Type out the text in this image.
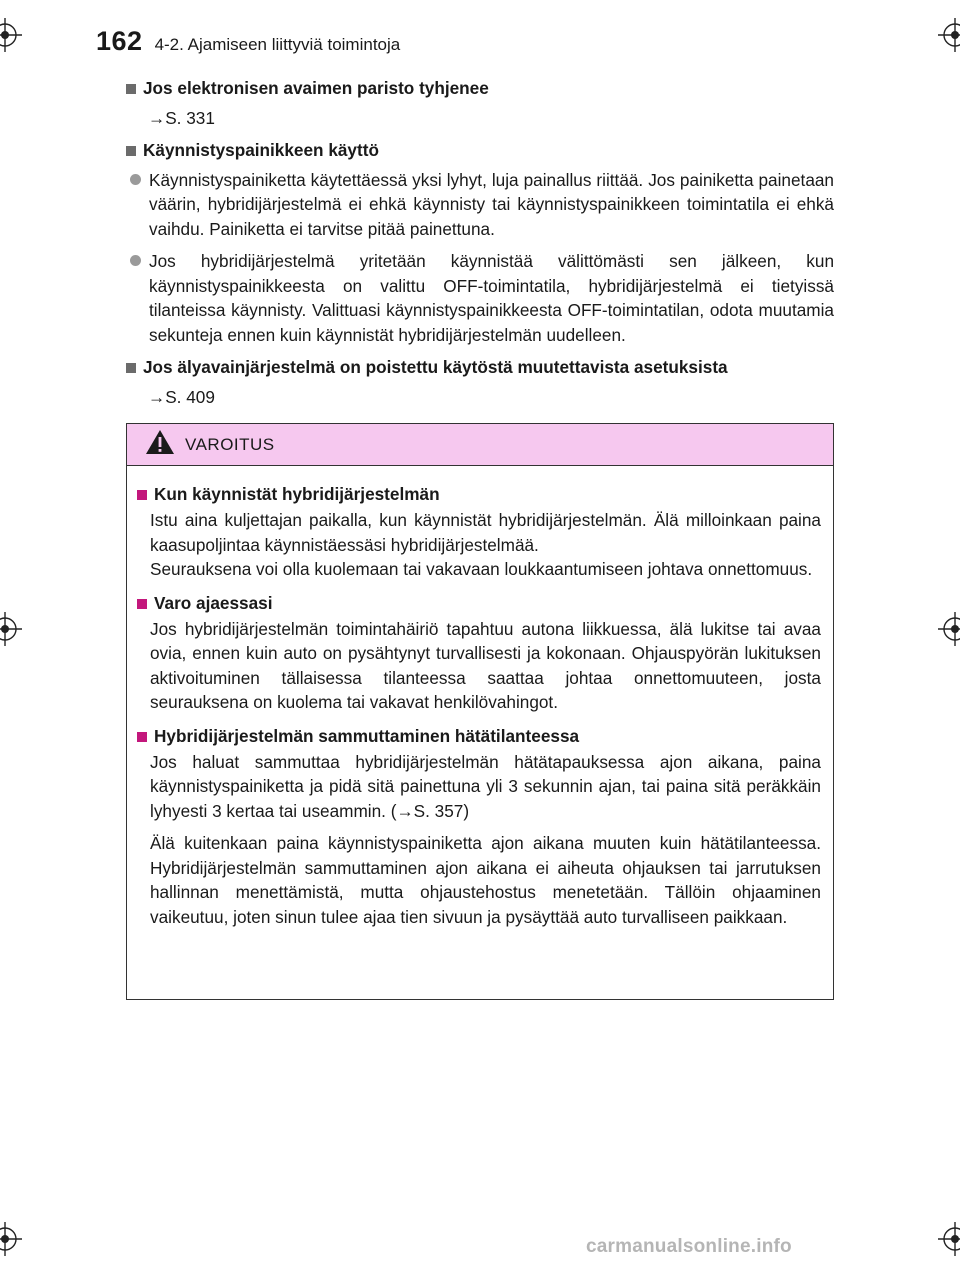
162 4-2. Ajamiseen liittyviä toimintoja
Jos elektronisen avaimen paristo tyhjenee
→S. 331
Käynnistyspainikkeen käyttö
Käynnistyspainiketta käytettäessä yksi lyhyt, luja painallus riittää. Jos painiketta painetaan väärin, hybridijärjestelmä ei ehkä käynnisty tai käynnistyspainikkeen toimintatila ei ehkä vaihdu. Painiketta ei tarvitse pitää painettuna.
Jos hybridijärjestelmä yritetään käynnistää välittömästi sen jälkeen, kun käynnistyspainikkeesta on valittu OFF-toimintatila, hybridijärjestelmä ei tietyissä tilanteissa käynnisty. Valittuasi käynnistyspainikkeesta OFF-toimintatilan, odota muutamia sekunteja ennen kuin käynnistät hybridijärjestelmän uudelleen.
Jos älyavainjärjestelmä on poistettu käytöstä muutettavista asetuksista
→S. 409
VAROITUS
Kun käynnistät hybridijärjestelmän
Istu aina kuljettajan paikalla, kun käynnistät hybridijärjestelmän. Älä milloinkaan paina kaasupoljintaa käynnistäessäsi hybridijärjestelmää.
Seurauksena voi olla kuolemaan tai vakavaan loukkaantumiseen johtava onnettomuus.
Varo ajaessasi
Jos hybridijärjestelmän toimintahäiriö tapahtuu autona liikkuessa, älä lukitse tai avaa ovia, ennen kuin auto on pysähtynyt turvallisesti ja kokonaan. Ohjauspyörän lukituksen aktivoituminen tällaisessa tilanteessa saattaa johtaa onnettomuuteen, josta seurauksena on kuolema tai vakavat henkilövahingot.
Hybridijärjestelmän sammuttaminen hätätilanteessa
Jos haluat sammuttaa hybridijärjestelmän hätätapauksessa ajon aikana, paina käynnistyspainiketta ja pidä sitä painettuna yli 3 sekunnin ajan, tai paina sitä peräkkäin lyhyesti 3 kertaa tai useammin. (→S. 357)
Älä kuitenkaan paina käynnistyspainiketta ajon aikana muuten kuin hätätilanteessa. Hybridijärjestelmän sammuttaminen ajon aikana ei aiheuta ohjauksen tai jarrutuksen hallinnan menettämistä, mutta ohjaustehostus menetetään. Tällöin ohjaaminen vaikeutuu, joten sinun tulee ajaa tien sivuun ja pysäyttää auto turvalliseen paikkaan.
carmanualsonline.info
